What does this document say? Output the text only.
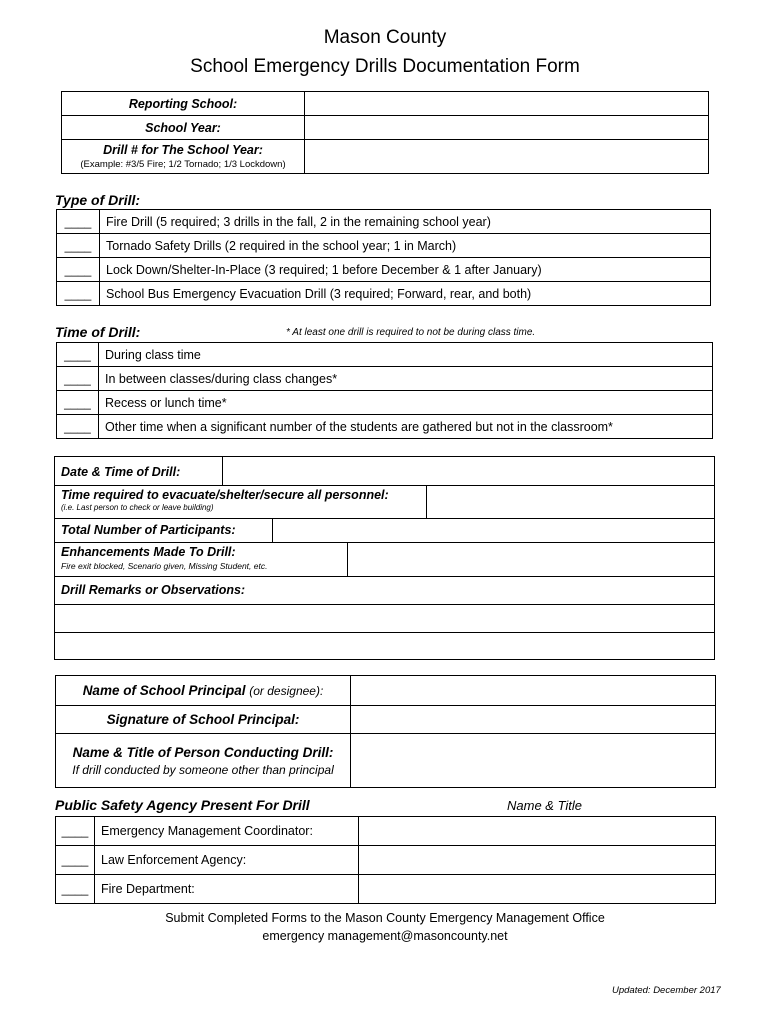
Mason County
School Emergency Drills Documentation Form
Reporting School:	
School Year:	

Drill # for The School Year:
(Example: #3/5 Fire; 1/2 Tornado; 1/3 Lockdown)	

Type of Drill:
____	Fire Drill (5 required; 3 drills in the fall, 2 in the remaining school year)
____	Tornado Safety Drills (2 required in the school year; 1 in March)
____	Lock Down/Shelter-In-Place (3 required; 1 before December & 1 after January)
____	School Bus Emergency Evacuation Drill (3 required; Forward, rear, and both)
Time of Drill:	* At least one drill is required to not be during class time.
____	During class time
____	In between classes/during class changes*
____	Recess or lunch time*
____	Other time when a significant number of the students are gathered but not in the classroom*
Date & Time of Drill:
Time required to evacuate/shelter/secure all personnel:
(i.e. Last person to check or leave building)
Total Number of Participants:
Enhancements Made To Drill:
Fire exit blocked, Scenario given, Missing Student, etc.
Drill Remarks or Observations:
Name of School Principal (or designee):	
Signature of School Principal:	

Name & Title of Person Conducting Drill:
If drill conducted by someone other than principal	

Public Safety Agency Present For Drill	Name & Title
____	Emergency Management Coordinator:	
____	Law Enforcement Agency:	
____	Fire Department:	
Submit Completed Forms to the Mason County Emergency Management Office
emergency management@masoncounty.net
Updated: December 2017
